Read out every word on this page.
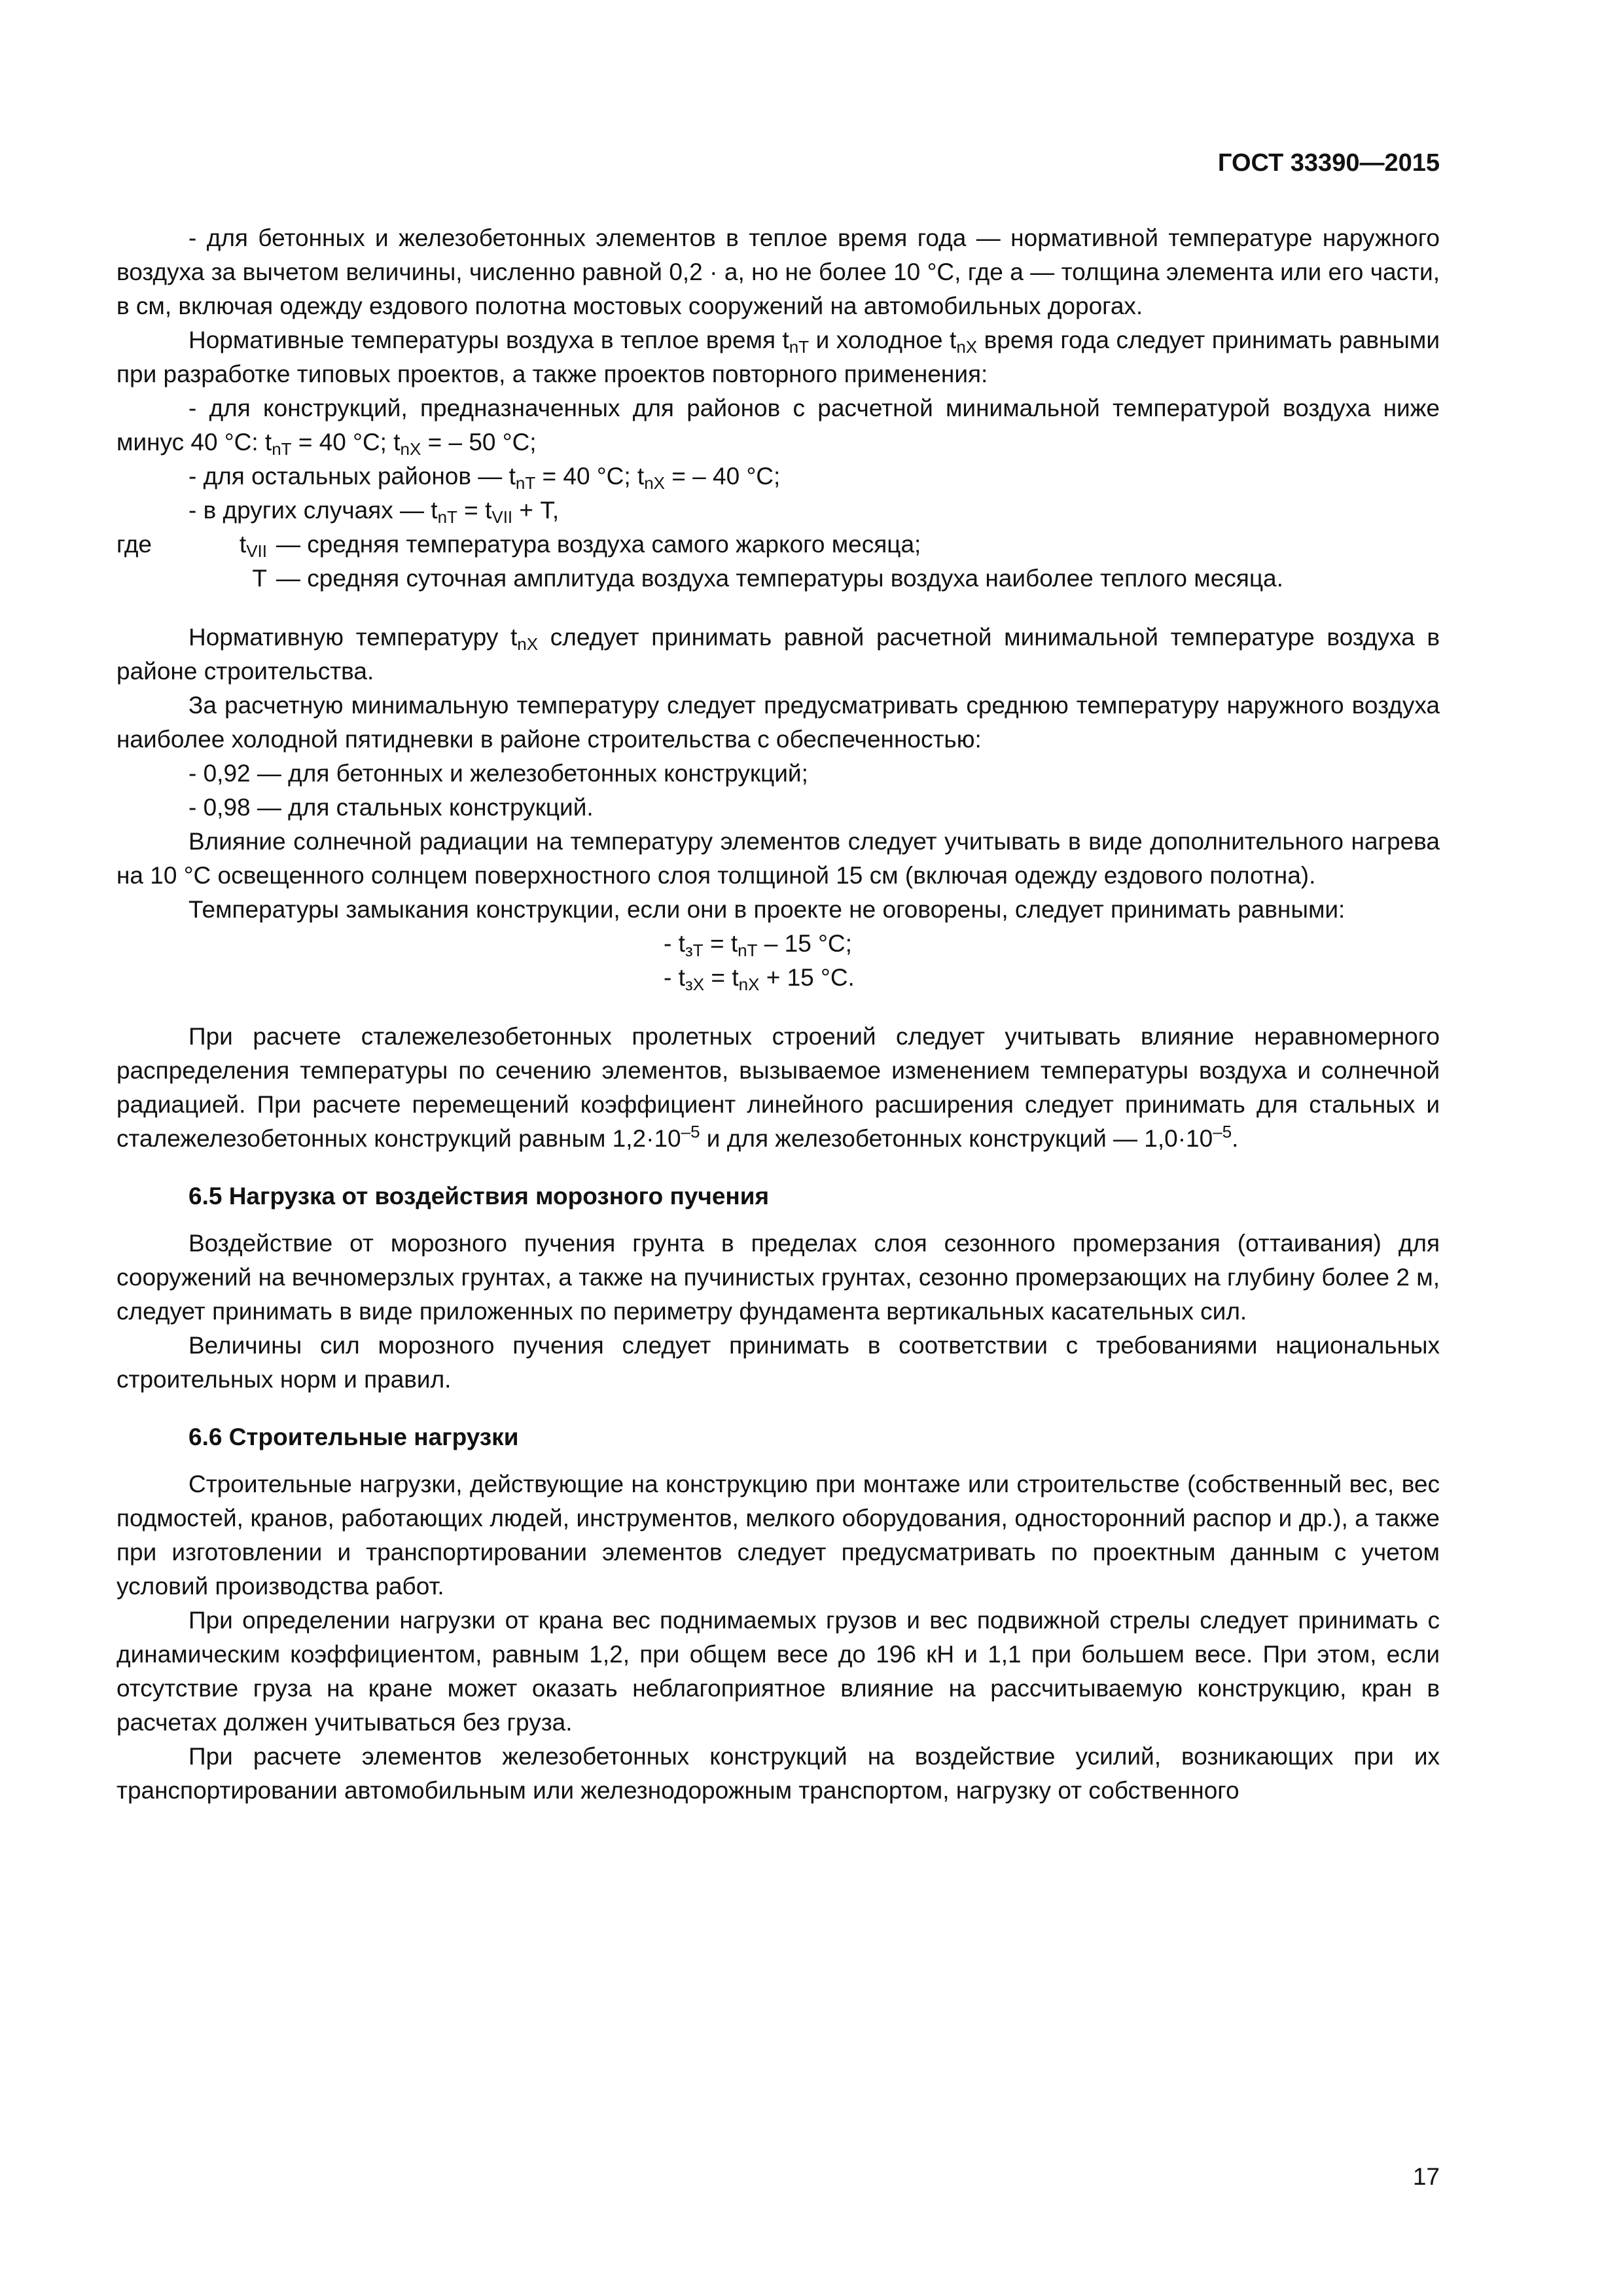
ГОСТ 33390—2015

- для бетонных и железобетонных элементов в теплое время года — нормативной температуре наружного воздуха за вычетом величины, численно равной 0,2 · а, но не более 10 °С, где а — толщина элемента или его части, в см, включая одежду ездового полотна мостовых сооружений на автомобильных дорогах.

Нормативные температуры воздуха в теплое время $t_{nТ}$ и холодное $t_{nХ}$ время года следует принимать равными при разработке типовых проектов, а также проектов повторного применения:

- для конструкций, предназначенных для районов с расчетной минимальной температурой воздуха ниже минус 40 °С: $t_{nТ} = 40$ °С; $t_{nХ}$ = – 50 °С;

- для остальных районов — $t_{nТ} = 40$ °С; $t_{nХ}$ = – 40 °С;

- в других случаях — $t_{nТ} = t_{VII} + Т$,

где	$t_{VII}$ — средняя температура воздуха самого жаркого месяца;
Т — средняя суточная амплитуда воздуха температуры воздуха наиболее теплого месяца.

Нормативную температуру $t_{nХ}$ следует принимать равной расчетной минимальной температуре воздуха в районе строительства.

За расчетную минимальную температуру следует предусматривать среднюю температуру наружного воздуха наиболее холодной пятидневки в районе строительства с обеспеченностью:

- 0,92 — для бетонных и железобетонных конструкций;

- 0,98 — для стальных конструкций.

Влияние солнечной радиации на температуру элементов следует учитывать в виде дополнительного нагрева на 10 °С освещенного солнцем поверхностного слоя толщиной 15 см (включая одежду ездового полотна).

Температуры замыкания конструкции, если они в проекте не оговорены, следует принимать равными:

- $t_{зТ} = t_{nТ} - 15$ °С;

- $t_{зХ} = t_{nХ} + 15$ °С.

При расчете сталежелезобетонных пролетных строений следует учитывать влияние неравномерного распределения температуры по сечению элементов, вызываемое изменением температуры воздуха и солнечной радиацией. При расчете перемещений коэффициент линейного расширения следует принимать для стальных и сталежелезобетонных конструкций равным $1,2\cdot 10^{-5}$ и для железобетонных конструкций — $1,0\cdot 10^{-5}$.

6.5 Нагрузка от воздействия морозного пучения

Воздействие от морозного пучения грунта в пределах слоя сезонного промерзания (оттаивания) для сооружений на вечномерзлых грунтах, а также на пучинистых грунтах, сезонно промерзающих на глубину более 2 м, следует принимать в виде приложенных по периметру фундамента вертикальных касательных сил.

Величины сил морозного пучения следует принимать в соответствии с требованиями национальных строительных норм и правил.

6.6 Строительные нагрузки

Строительные нагрузки, действующие на конструкцию при монтаже или строительстве (собственный вес, вес подмостей, кранов, работающих людей, инструментов, мелкого оборудования, односторонний распор и др.), а также при изготовлении и транспортировании элементов следует предусматривать по проектным данным с учетом условий производства работ.

При определении нагрузки от крана вес поднимаемых грузов и вес подвижной стрелы следует принимать с динамическим коэффициентом, равным 1,2, при общем весе до 196 кН и 1,1 при большем весе. При этом, если отсутствие груза на кране может оказать неблагоприятное влияние на рассчитываемую конструкцию, кран в расчетах должен учитываться без груза.

При расчете элементов железобетонных конструкций на воздействие усилий, возникающих при их транспортировании автомобильным или железнодорожным транспортом, нагрузку от собственного

17
